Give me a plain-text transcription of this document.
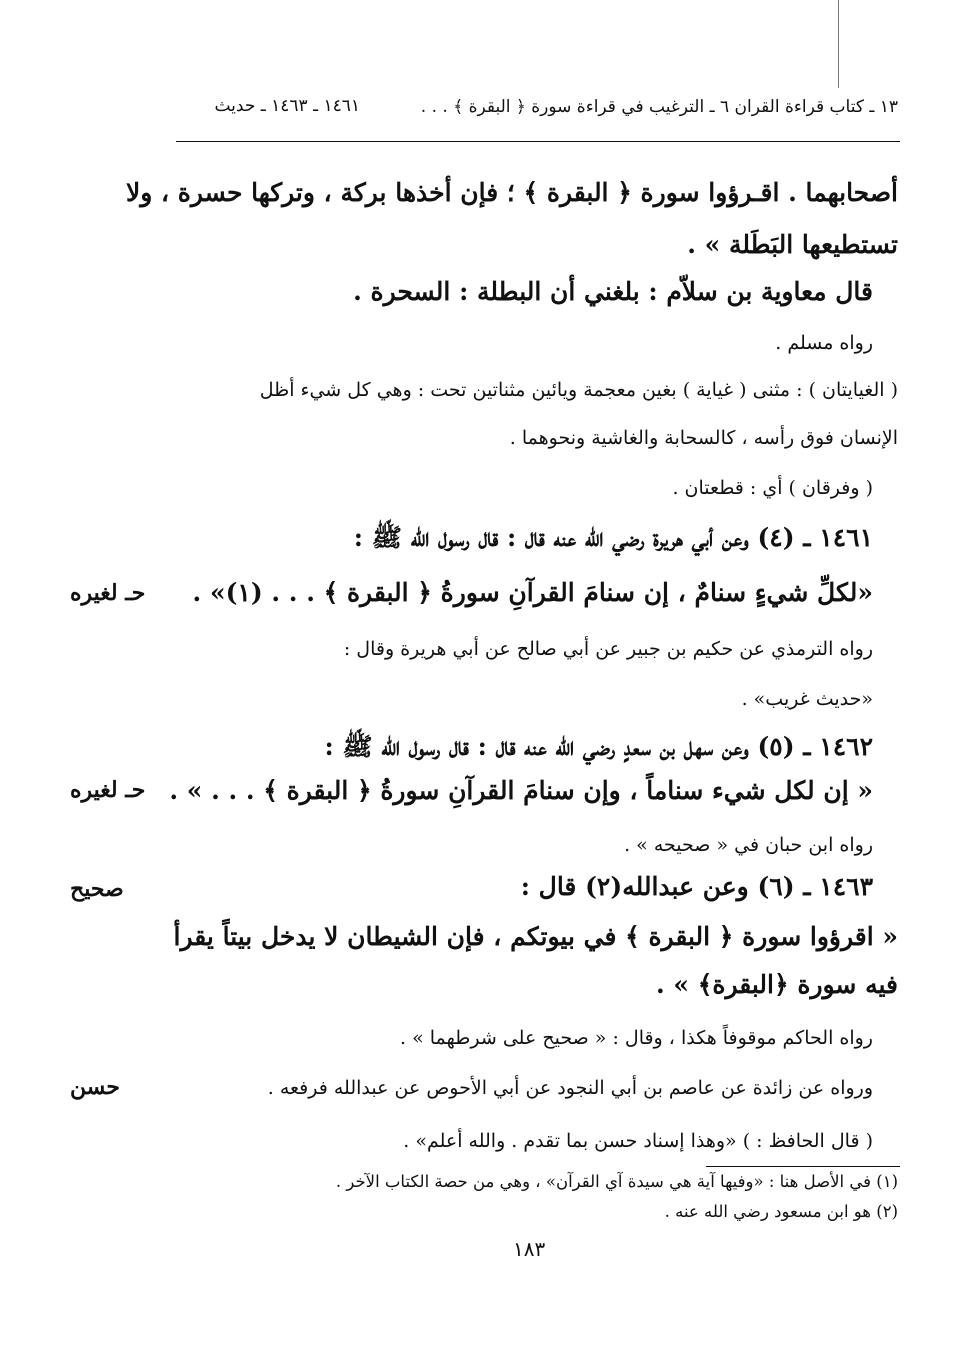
١٣ ـ كتاب قراءة القران ٦ ـ الترغيب في قراءة سورة ﴿ البقرة ﴾ . . .
١٤٦١ ـ ١٤٦٣ ـ حديث
أصحابهما . اقـرؤوا سورة ﴿ البقرة ﴾ ؛ فإن أخذها بركة ، وتركها حسرة ، ولا
تستطيعها البَطَلة » .
قال معاوية بن سلاّم : بلغني أن البطلة : السحرة .
رواه مسلم .
( الغيايتان ) : مثنى ( غياية ) بغين معجمة ويائين مثناتين تحت : وهي كل شيء أظل
الإنسان فوق رأسه ، كالسحابة والغاشية ونحوهما .
( وفرقان ) أي : قطعتان .
١٤٦١ ـ (٤) وعن أبي هريرة رضي الله عنه قال : قال رسول الله ﷺ :
«لكلِّ شيءٍ سنامٌ ، إن سنامَ القرآنِ سورةُ ﴿ البقرة ﴾ . . . (١)» .
رواه الترمذي عن حكيم بن جبير عن أبي صالح عن أبي هريرة وقال :
«حديث غريب» .
١٤٦٢ ـ (٥) وعن سهل بن سعدٍ رضي الله عنه قال : قال رسول الله ﷺ :
« إن لكل شيء سناماً ، وإن سنامَ القرآنِ سورةُ ﴿ البقرة ﴾ . . . » .
رواه ابن حبان في « صحيحه » .
١٤٦٣ ـ (٦) وعن عبدالله(٢) قال :
« اقرؤوا سورة ﴿ البقرة ﴾ في بيوتكم ، فإن الشيطان لا يدخل بيتاً يقرأ
فيه سورة ﴿البقرة﴾ » .
رواه الحاكم موقوفاً هكذا ، وقال : « صحيح على شرطهما » .
ورواه عن زائدة عن عاصم بن أبي النجود عن أبي الأحوص عن عبدالله فرفعه .
( قال الحافظ : ) «وهذا إسناد حسن بما تقدم . والله أعلم» .
حـ لغيره
حـ لغيره
صحيح
حسن
(١) في الأصل هنا : «وفيها آية هي سيدة آي القرآن» ، وهي من حصة الكتاب الآخر .
(٢) هو ابن مسعود رضي الله عنه .
١٨٣
